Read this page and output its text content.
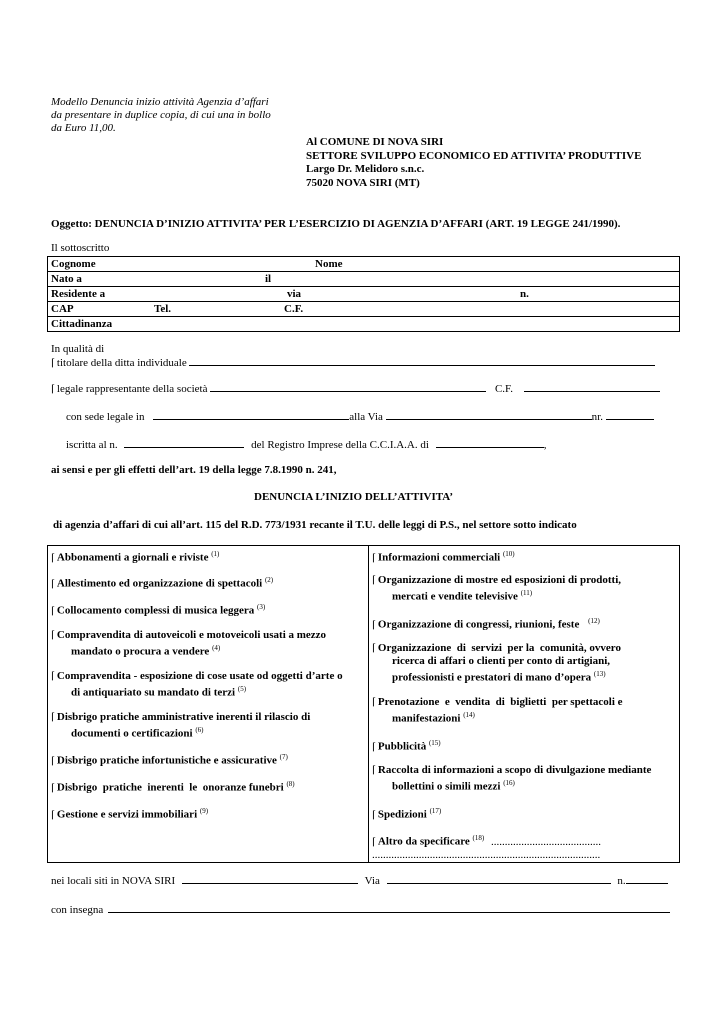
Modello Denuncia inizio attività Agenzia d’affari
da presentare in duplice copia, di cui una in bollo
da Euro 11,00.
Al COMUNE DI NOVA SIRI
SETTORE SVILUPPO ECONOMICO ED ATTIVITA’ PRODUTTIVE
Largo Dr. Melidoro s.n.c.
75020 NOVA SIRI (MT)
Oggetto: DENUNCIA D’INIZIO ATTIVITA’ PER L’ESERCIZIO DI AGENZIA D’AFFARI (ART. 19 LEGGE 241/1990).
Il sottoscritto
Cognome	Nome
Nato a	il
Residente a	via	n.
CAP	Tel.	C.F.
Cittadinanza
In qualità di
⌈ titolare della ditta individuale
⌈ legale rappresentante della società	C.F.
con sede legale in	alla Via	nr.
iscritta al n.	del Registro Imprese della C.C.I.A.A. di	,
ai sensi e per gli effetti dell’art. 19 della legge 7.8.1990 n. 241,
DENUNCIA L’INIZIO DELL’ATTIVITA’
di agenzia d’affari di cui all’art. 115 del R.D. 773/1931 recante il T.U. delle leggi di P.S., nel settore sotto indicato
⌈ Abbonamenti a giornali e riviste $^{(1)}$
⌈ Allestimento ed organizzazione di spettacoli $^{(2)}$
⌈ Collocamento complessi di musica leggera $^{(3)}$
⌈ Compravendita di autoveicoli e motoveicoli usati a mezzo
mandato o procura a vendere $^{(4)}$
⌈ Compravendita - esposizione di cose usate od oggetti d’arte o
di antiquariato su mandato di terzi $^{(5)}$
⌈ Disbrigo pratiche amministrative inerenti il rilascio di
documenti o certificazioni $^{(6)}$
⌈ Disbrigo pratiche infortunistiche e assicurative $^{(7)}$
⌈ Disbrigo  pratiche  inerenti  le  onoranze funebri $^{(8)}$
⌈ Gestione e servizi immobiliari $^{(9)}$
⌈ Informazioni commerciali $^{(10)}$
⌈ Organizzazione di mostre ed esposizioni di prodotti,
mercati e vendite televisive $^{(11)}$
⌈ Organizzazione di congressi, riunioni, feste $^{(12)}$
⌈ Organizzazione  di  servizi  per la  comunità, ovvero
ricerca di affari o clienti per conto di artigiani,
professionisti e prestatori di mano d’opera $^{(13)}$
⌈ Prenotazione  e  vendita  di  biglietti  per spettacoli e
manifestazioni $^{(14)}$
⌈ Pubblicità $^{(15)}$
⌈ Raccolta di informazioni a scopo di divulgazione mediante
bollettini o simili mezzi $^{(16)}$
⌈ Spedizioni $^{(17)}$
⌈ Altro da specificare $^{(18)}$ ........................................
...................................................................................
nei locali siti in NOVA SIRI	Via	n.
con insegna
